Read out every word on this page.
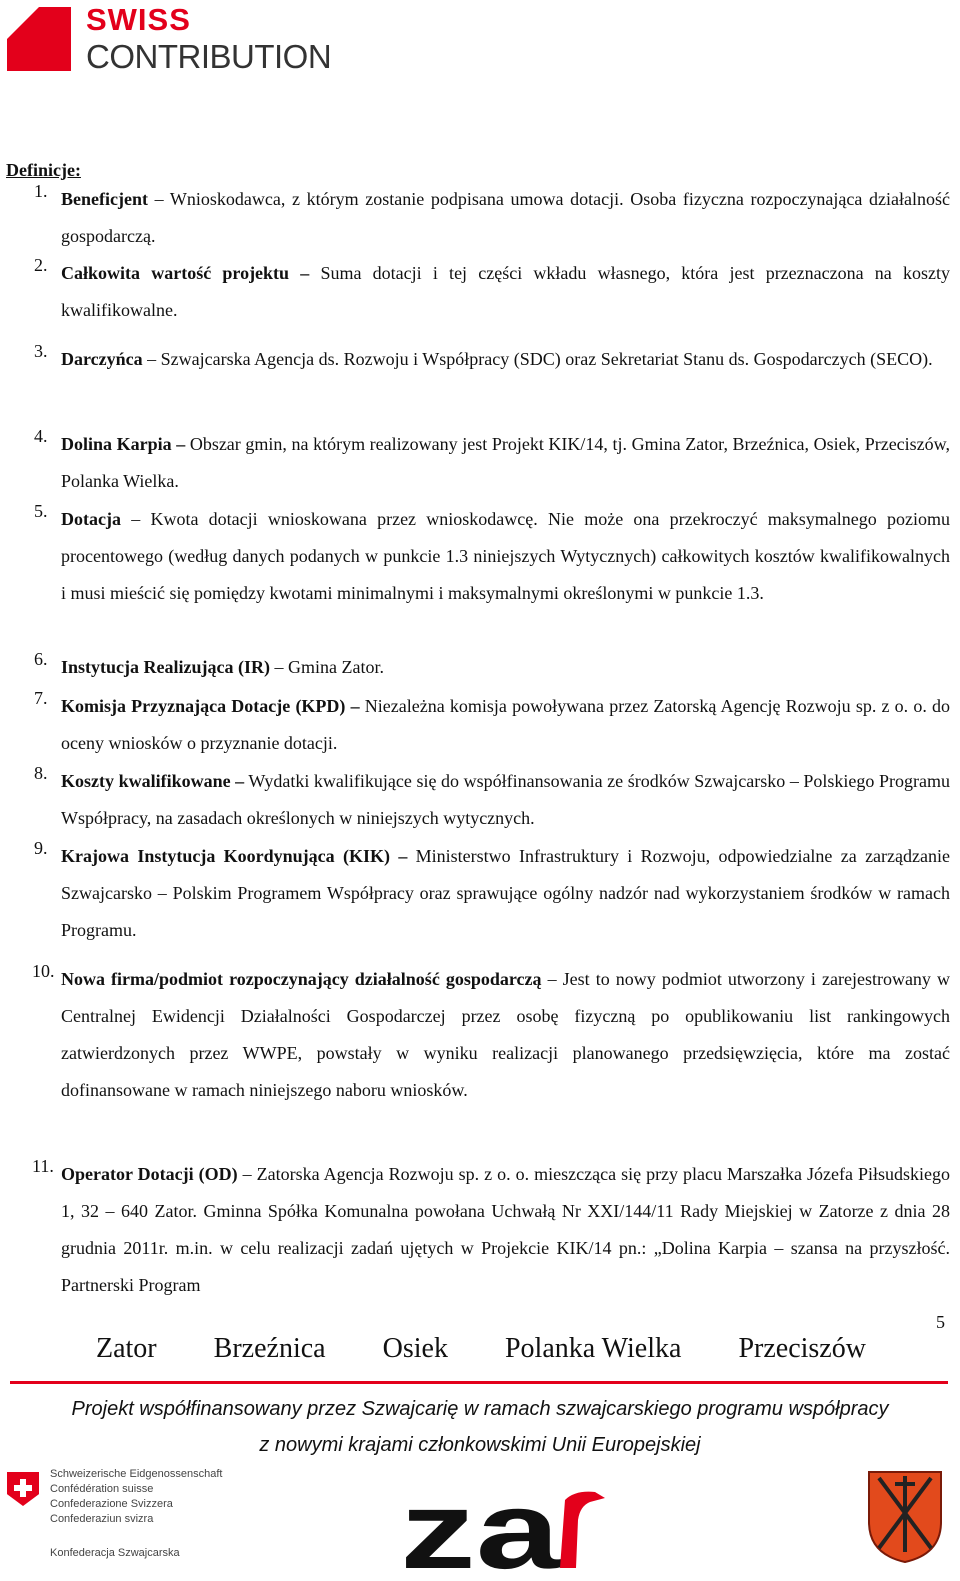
SWISS
CONTRIBUTION
Definicje:
1. Beneficjent – Wnioskodawca, z którym zostanie podpisana umowa dotacji. Osoba fizyczna rozpoczynająca działalność gospodarczą.
2. Całkowita wartość projektu – Suma dotacji i tej części wkładu własnego, która jest przeznaczona na koszty kwalifikowalne.
3. Darczyńca – Szwajcarska Agencja ds. Rozwoju i Współpracy (SDC) oraz Sekretariat Stanu ds. Gospodarczych (SECO).
4. Dolina Karpia – Obszar gmin, na którym realizowany jest Projekt KIK/14, tj. Gmina Zator, Brzeźnica, Osiek, Przeciszów, Polanka Wielka.
5. Dotacja – Kwota dotacji wnioskowana przez wnioskodawcę. Nie może ona przekroczyć maksymalnego poziomu procentowego (według danych podanych w punkcie 1.3 niniejszych Wytycznych) całkowitych kosztów kwalifikowalnych i musi mieścić się pomiędzy kwotami minimalnymi i maksymalnymi określonymi w punkcie 1.3.
6. Instytucja Realizująca (IR) – Gmina Zator.
7. Komisja Przyznająca Dotacje (KPD) – Niezależna komisja powoływana przez Zatorską Agencję Rozwoju sp. z o. o. do oceny wniosków o przyznanie dotacji.
8. Koszty kwalifikowane – Wydatki kwalifikujące się do współfinansowania ze środków Szwajcarsko – Polskiego Programu Współpracy, na zasadach określonych w niniejszych wytycznych.
9. Krajowa Instytucja Koordynująca (KIK) – Ministerstwo Infrastruktury i Rozwoju, odpowiedzialne za zarządzanie Szwajcarsko – Polskim Programem Współpracy oraz sprawujące ogólny nadzór nad wykorzystaniem środków w ramach Programu.
10. Nowa firma/podmiot rozpoczynający działalność gospodarczą – Jest to nowy podmiot utworzony i zarejestrowany w Centralnej Ewidencji Działalności Gospodarczej przez osobę fizyczną po opublikowaniu list rankingowych zatwierdzonych przez WWPE, powstały w wyniku realizacji planowanego przedsięwzięcia, które ma zostać dofinansowane w ramach niniejszego naboru wniosków.
11. Operator Dotacji (OD) – Zatorska Agencja Rozwoju sp. z o. o. mieszcząca się przy placu Marszałka Józefa Piłsudskiego 1, 32 – 640 Zator. Gminna Spółka Komunalna powołana Uchwałą Nr XXI/144/11 Rady Miejskiej w Zatorze z dnia 28 grudnia 2011r. m.in. w celu realizacji zadań ujętych w Projekcie KIK/14 pn.: „Dolina Karpia – szansa na przyszłość. Partnerski Program
5
Zator Brzeźnica Osiek Polanka Wielka Przeciszów
Projekt współfinansowany przez Szwajcarię w ramach szwajcarskiego programu współpracy
z nowymi krajami członkowskimi Unii Europejskiej
Schweizerische Eidgenossenschaft
Confédération suisse
Confederazione Svizzera
Confederaziun svizra
Konfederacja Szwajcarska za
